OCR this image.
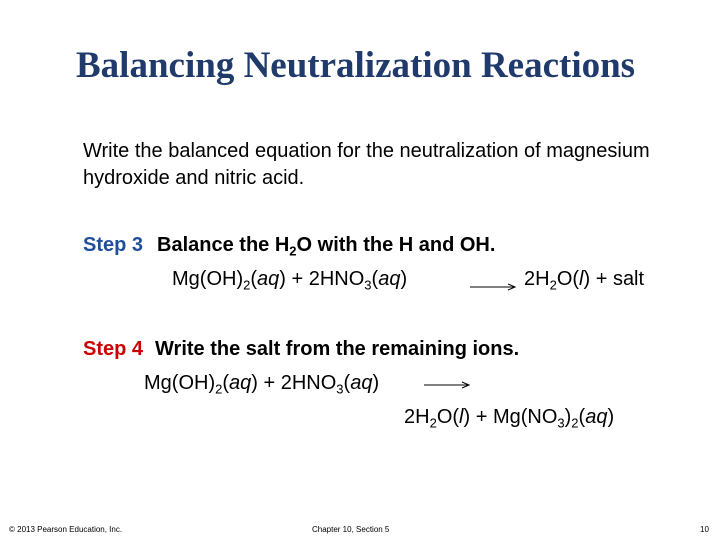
Balancing Neutralization Reactions
Write the balanced equation for the neutralization of magnesium hydroxide and nitric acid.
Step 3 Balance the $H_2O$ with the H and OH.
$Mg(OH)_2(aq) + 2HNO_3(aq)$	→ $2H_2O(l)$ + salt
Step 4 Write the salt from the remaining ions.
$Mg(OH)_2(aq) + 2HNO_3(aq)$
$2H_2O(l) + Mg(NO_3)_2(aq)$
© 2013 Pearson Education, Inc.	Chapter 10, Section 5	10
